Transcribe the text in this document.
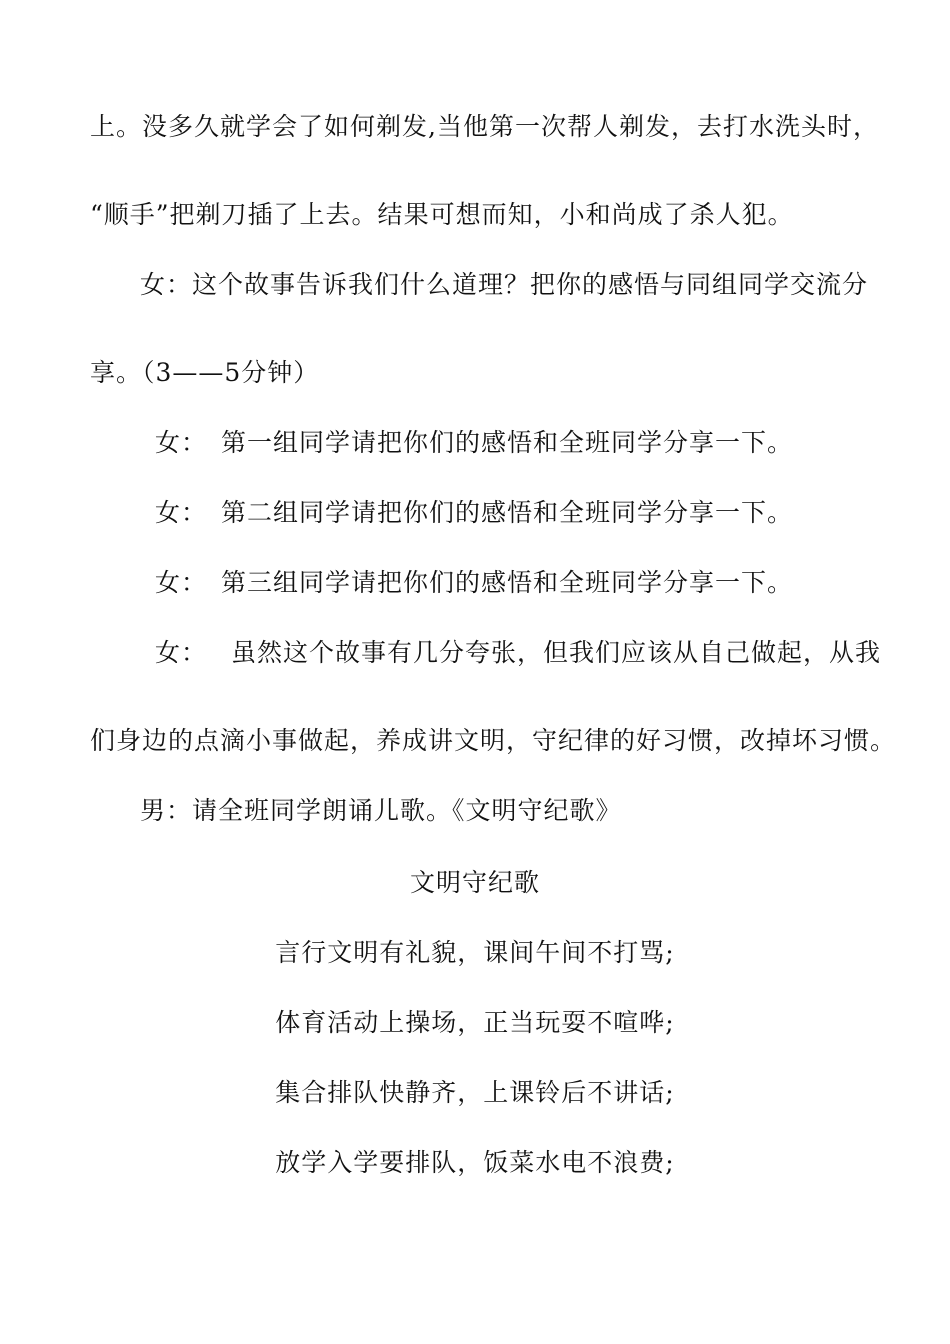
上。没多久就学会了如何剃发,当他第一次帮人剃发，去打水洗头时，
“顺手”把剃刀插了上去。结果可想而知，小和尚成了杀人犯。
女：这个故事告诉我们什么道理？把你的感悟与同组同学交流分
享。（3——5分钟）
女： 第一组同学请把你们的感悟和全班同学分享一下。
女： 第二组同学请把你们的感悟和全班同学分享一下。
女： 第三组同学请把你们的感悟和全班同学分享一下。
女： 虽然这个故事有几分夸张，但我们应该从自己做起，从我
们身边的点滴小事做起，养成讲文明，守纪律的好习惯，改掉坏习惯。
男：请全班同学朗诵儿歌。《文明守纪歌》
文明守纪歌
言行文明有礼貌，课间午间不打骂;
体育活动上操场，正当玩耍不喧哗;
集合排队快静齐，上课铃后不讲话;
放学入学要排队，饭菜水电不浪费;
